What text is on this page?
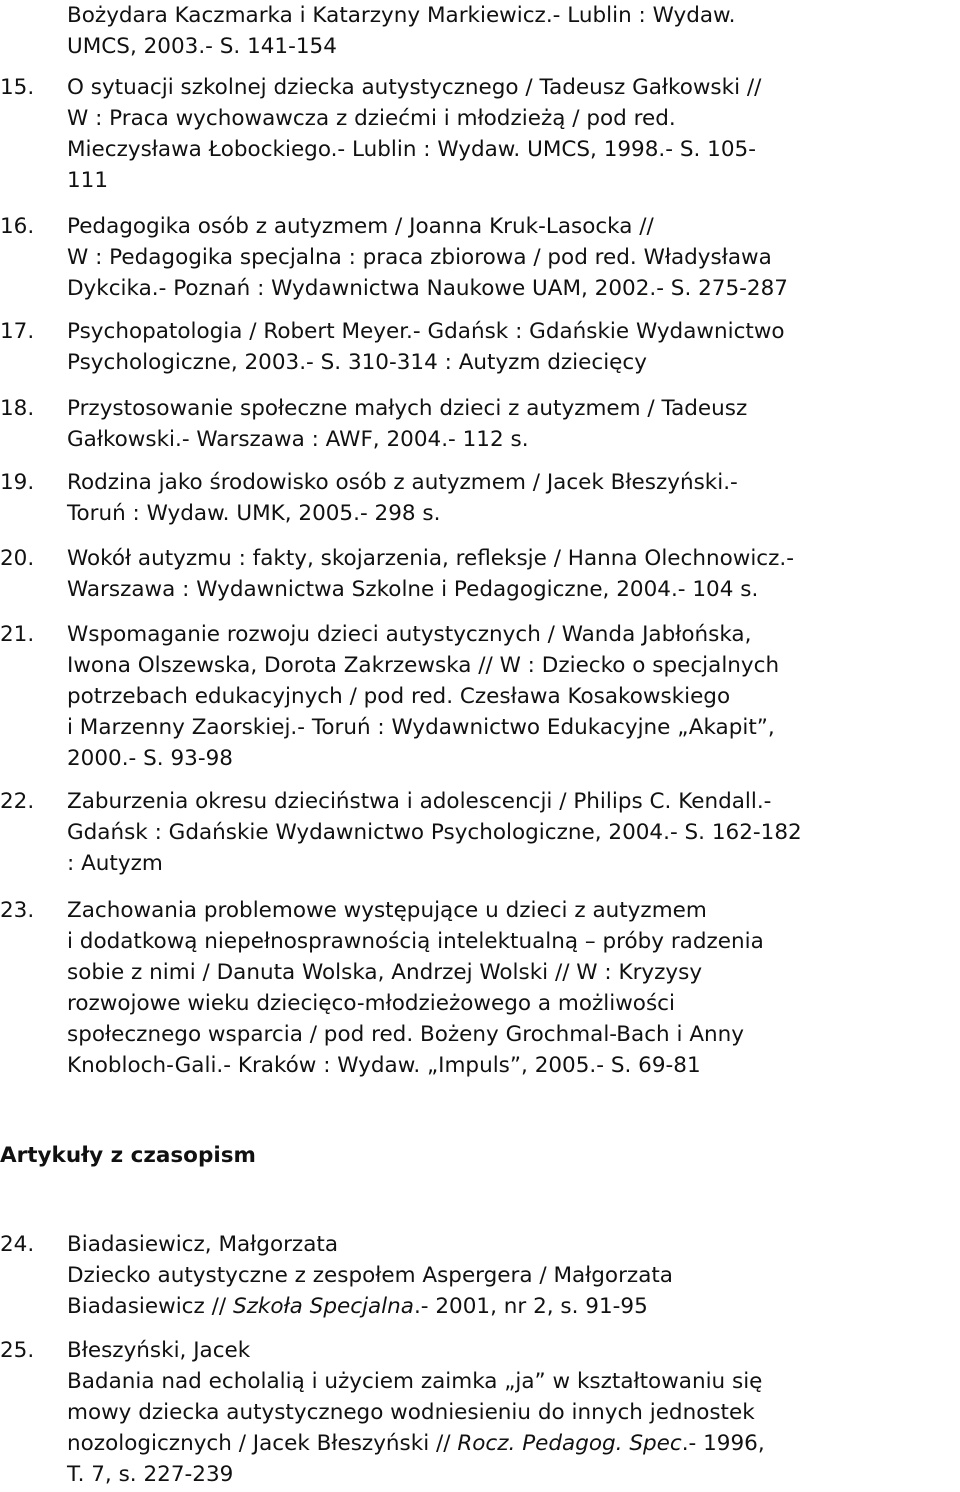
Bożydara Kaczmarka i Katarzyny Markiewicz.- Lublin : Wydaw.
UMCS, 2003.- S. 141-154
15.	O sytuacji szkolnej dziecka autystycznego / Tadeusz Gałkowski //
W : Praca wychowawcza z dziećmi i młodzieżą / pod red.
Mieczysława Łobockiego.- Lublin : Wydaw. UMCS, 1998.- S. 105-
111
16.	Pedagogika osób z autyzmem / Joanna Kruk-Lasocka //
W : Pedagogika specjalna : praca zbiorowa / pod red. Władysława
Dykcika.- Poznań : Wydawnictwa Naukowe UAM, 2002.- S. 275-287
17.	Psychopatologia / Robert Meyer.- Gdańsk : Gdańskie Wydawnictwo
Psychologiczne, 2003.- S. 310-314 : Autyzm dziecięcy
18.	Przystosowanie społeczne małych dzieci z autyzmem / Tadeusz
Gałkowski.- Warszawa : AWF, 2004.- 112 s.
19.	Rodzina jako środowisko osób z autyzmem / Jacek Błeszyński.-
Toruń : Wydaw. UMK, 2005.- 298 s.
20.	Wokół autyzmu : fakty, skojarzenia, refleksje / Hanna Olechnowicz.-
Warszawa : Wydawnictwa Szkolne i Pedagogiczne, 2004.- 104 s.
21.	Wspomaganie rozwoju dzieci autystycznych / Wanda Jabłońska,
Iwona Olszewska, Dorota Zakrzewska // W : Dziecko o specjalnych
potrzebach edukacyjnych / pod red. Czesława Kosakowskiego
i Marzenny Zaorskiej.- Toruń : Wydawnictwo Edukacyjne „Akapit”,
2000.- S. 93-98
22.	Zaburzenia okresu dzieciństwa i adolescencji / Philips C. Kendall.-
Gdańsk : Gdańskie Wydawnictwo Psychologiczne, 2004.- S. 162-182
: Autyzm
23.	Zachowania problemowe występujące u dzieci z autyzmem
i dodatkową niepełnosprawnością intelektualną – próby radzenia
sobie z nimi / Danuta Wolska, Andrzej Wolski // W : Kryzysy
rozwojowe wieku dziecięco-młodzieżowego a możliwości
społecznego wsparcia / pod red. Bożeny Grochmal-Bach i Anny
Knobloch-Gali.- Kraków : Wydaw. „Impuls”, 2005.- S. 69-81
Artykuły z czasopism
24.	Biadasiewicz, Małgorzata
Dziecko autystyczne z zespołem Aspergera / Małgorzata
Biadasiewicz // Szkoła Specjalna.- 2001, nr 2, s. 91-95
25.	Błeszyński, Jacek
Badania nad echolalią i użyciem zaimka „ja” w kształtowaniu się
mowy dziecka autystycznego wodniesieniu do innych jednostek
nozologicznych / Jacek Błeszyński // Rocz. Pedagog. Spec.- 1996,
T. 7, s. 227-239
